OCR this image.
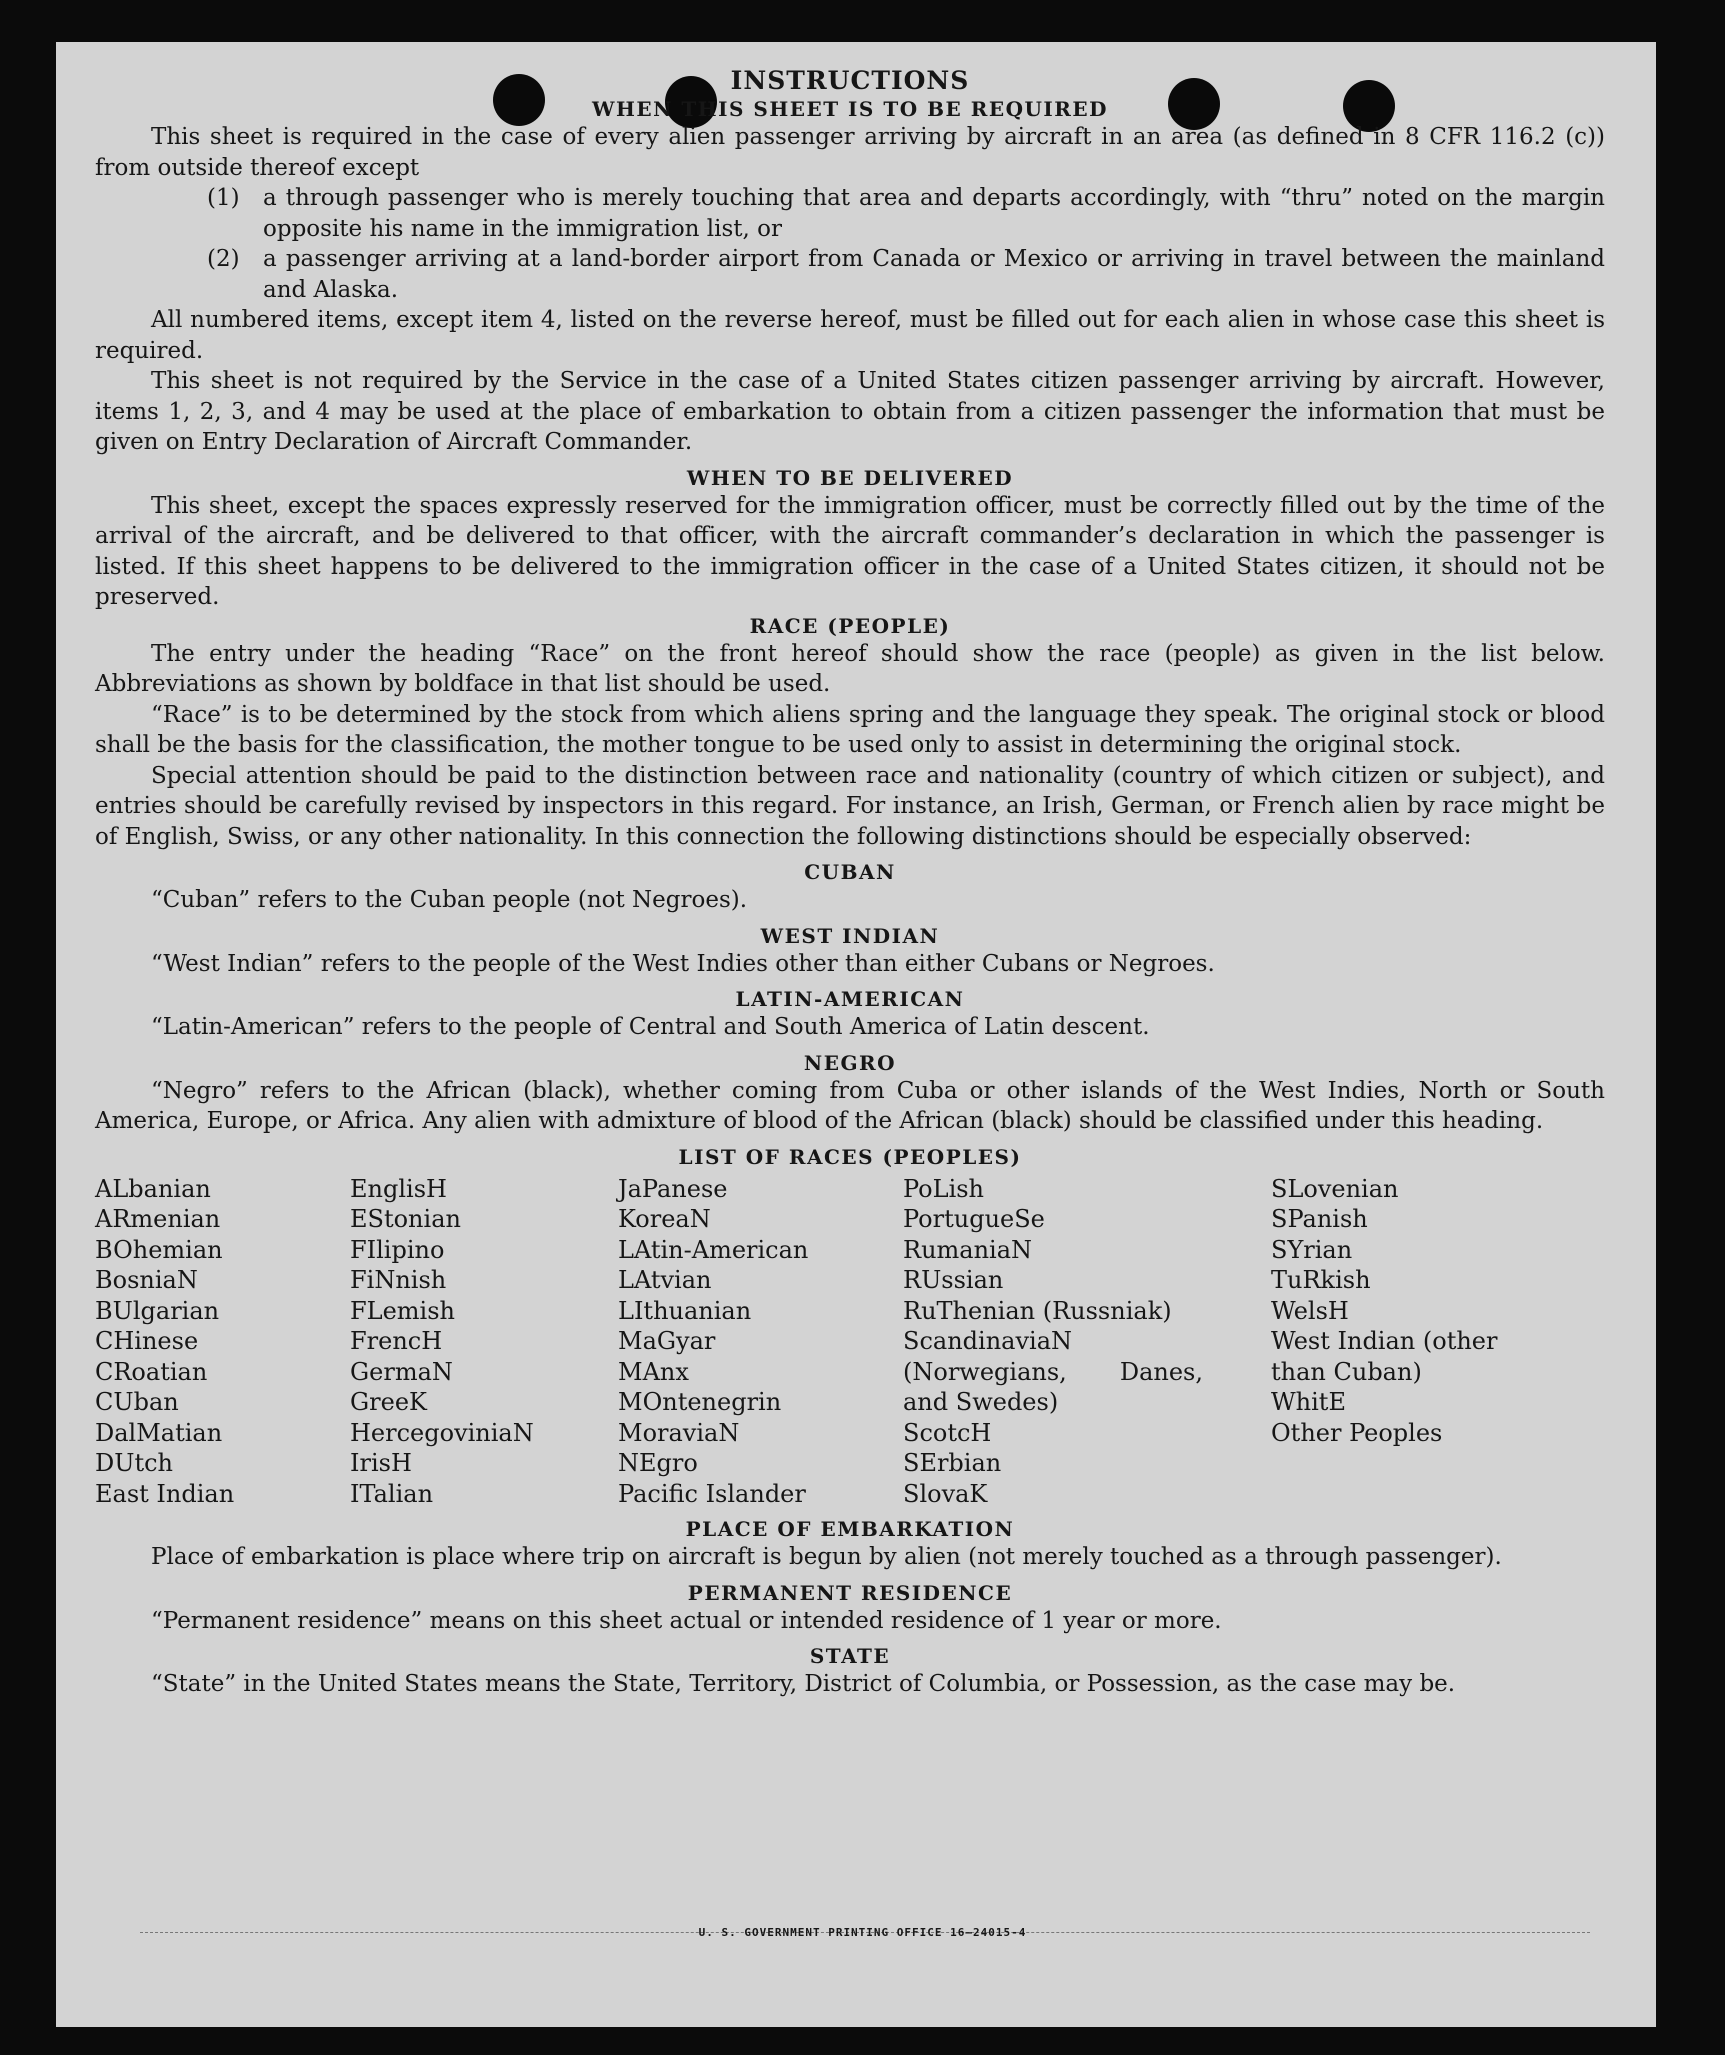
INSTRUCTIONS
WHEN THIS SHEET IS TO BE REQUIRED

This sheet is required in the case of every alien passenger arriving by aircraft in an area (as defined in 8 CFR 116.2 (c)) from outside thereof except

(1)	a through passenger who is merely touching that area and departs accordingly, with “thru” noted on the margin opposite his name in the immigration list, or
(2)	a passenger arriving at a land-border airport from Canada or Mexico or arriving in travel between the mainland and Alaska.

All numbered items, except item 4, listed on the reverse hereof, must be filled out for each alien in whose case this sheet is required.

This sheet is not required by the Service in the case of a United States citizen passenger arriving by aircraft. However, items 1, 2, 3, and 4 may be used at the place of embarkation to obtain from a citizen passenger the information that must be given on Entry Declaration of Aircraft Commander.

WHEN TO BE DELIVERED

This sheet, except the spaces expressly reserved for the immigration officer, must be correctly filled out by the time of the arrival of the aircraft, and be delivered to that officer, with the aircraft commander’s declaration in which the passenger is listed. If this sheet happens to be delivered to the immigration officer in the case of a United States citizen, it should not be preserved.

RACE (PEOPLE)

The entry under the heading “Race” on the front hereof should show the race (people) as given in the list below. Abbreviations as shown by boldface in that list should be used.

“Race” is to be determined by the stock from which aliens spring and the language they speak. The original stock or blood shall be the basis for the classification, the mother tongue to be used only to assist in determining the original stock.

Special attention should be paid to the distinction between race and nationality (country of which citizen or subject), and entries should be carefully revised by inspectors in this regard. For instance, an Irish, German, or French alien by race might be of English, Swiss, or any other nationality. In this connection the following distinctions should be especially observed:

CUBAN

“Cuban” refers to the Cuban people (not Negroes).

WEST INDIAN

“West Indian” refers to the people of the West Indies other than either Cubans or Negroes.

LATIN-AMERICAN

“Latin-American” refers to the people of Central and South America of Latin descent.

NEGRO

“Negro” refers to the African (black), whether coming from Cuba or other islands of the West Indies, North or South America, Europe, or Africa. Any alien with admixture of blood of the African (black) should be classified under this heading.

LIST OF RACES (PEOPLES)
ALbanian
ARmenian
BOhemian
BosniaN
BUlgarian
CHinese
CRoatian
CUban
DalMatian
DUtch
East Indian
EnglisH
EStonian
FIlipino
FiNnish
FLemish
FrencH
GermaN
GreeK
HercegoviniaN
IrisH
ITalian
JaPanese
KoreaN
LAtin-American
LAtvian
LIthuanian
MaGyar
MAnx
MOntenegrin
MoraviaN
NEgro
Pacific Islander
PoLish
PortugueSe
RumaniaN
RUssian
RuThenian (Russniak)
ScandinaviaN (Norwegians, Danes, and Swedes)
ScotcH
SErbian
SlovaK
SLovenian
SPanish
SYrian
TuRkish
WelsH
West Indian (other than Cuban)
WhitE
Other Peoples
PLACE OF EMBARKATION

Place of embarkation is place where trip on aircraft is begun by alien (not merely touched as a through passenger).

PERMANENT RESIDENCE

“Permanent residence” means on this sheet actual or intended residence of 1 year or more.

STATE

“State” in the United States means the State, Territory, District of Columbia, or Possession, as the case may be.

U. S. GOVERNMENT PRINTING OFFICE 16—24015-4
